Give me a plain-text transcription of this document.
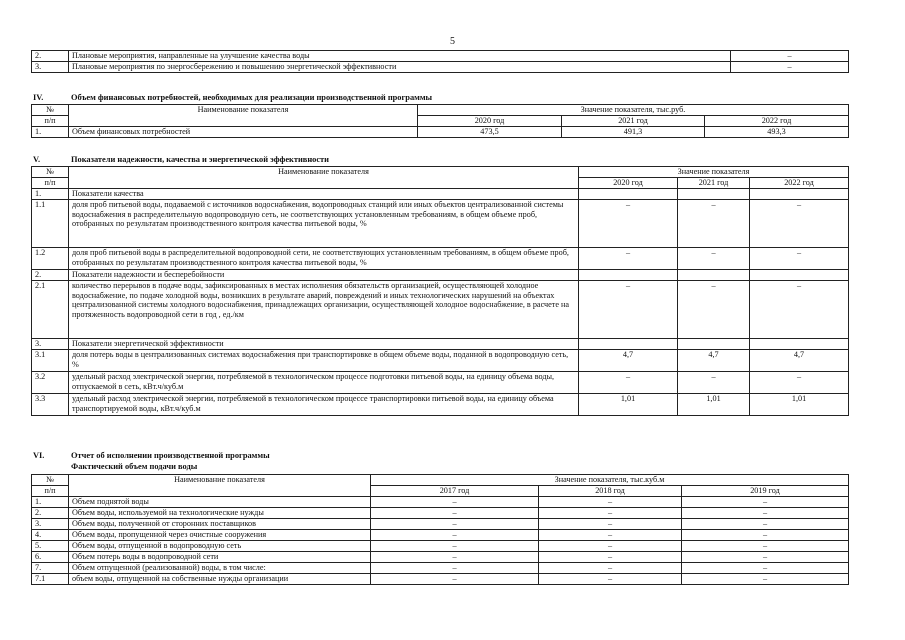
5
2.	Плановые мероприятия, направленные на улучшение качества воды	–
3.	Плановые мероприятия по энергосбережению и повышению энергетической эффективности	–
IV.	Объем финансовых потребностей, необходимых для реализации производственной программы
№	Наименование показателя	Значение показателя, тыс.руб.		
п/п		2020 год	2021 год	2022 год
1.	Объем финансовых потребностей	473,5	491,3	493,3
V.	Показатели надежности, качества и энергетической эффективности
№	Наименование показателя	Значение показателя		
п/п		2020 год	2021 год	2022 год
1.	Показатели качества			
1.1	доля проб питьевой воды, подаваемой с источников водоснабжения, водопроводных станций или иных объектов централизованной системы водоснабжения в распределительную водопроводную сеть, не соответствующих установленным требованиям, в общем объеме проб, отобранных по результатам производственного контроля качества питьевой воды, %	–	–	–
1.2	доля проб питьевой воды в распределительной водопроводной сети, не соответствующих установленным требованиям, в общем объеме проб, отобранных по результатам производственного контроля качества питьевой воды, %	–	–	–
2.	Показатели надежности и бесперебойности			
2.1	количество перерывов в подаче воды, зафиксированных в местах исполнения обязательств организацией, осуществляющей холодное водоснабжение, по подаче холодной воды, возникших в результате аварий, повреждений и иных технологических нарушений на объектах централизованной системы холодного водоснабжения, принадлежащих организации, осуществляющей холодное водоснабжение, в расчете на протяженность водопроводной сети в год , ед./км	–	–	–
3.	Показатели энергетической эффективности			
3.1	доля потерь воды в централизованных системах водоснабжения при транспортировке в общем объеме воды, поданной в водопроводную сеть, %	4,7	4,7	4,7
3.2	удельный расход электрической энергии, потребляемой в технологическом процессе подготовки питьевой воды, на единицу объема воды, отпускаемой в сеть, кВт.ч/куб.м	–	–	–
3.3	удельный расход электрической энергии, потребляемой в технологическом процессе транспортировки питьевой воды, на единицу объема транспортируемой воды, кВт.ч/куб.м	1,01	1,01	1,01
VI.	Отчет об исполнении производственной программы
Фактический объем подачи воды
№	Наименование показателя	Значение показателя, тыс.куб.м		
п/п		2017 год	2018 год	2019 год
1.	Объем поднятой воды	–	–	–
2.	Объем воды, используемой на технологические нужды	–	–	–
3.	Объем воды, полученной от сторонних поставщиков	–	–	–
4.	Объем воды, пропущенной через очистные сооружения	–	–	–
5.	Объем воды, отпущенной в водопроводную сеть	–	–	–
6.	Объем потерь воды в водопроводной сети	–	–	–
7.	Объем отпущенной (реализованной) воды, в том числе:	–	–	–
7.1	объем воды, отпущенной на собственные нужды организации	–	–	–
